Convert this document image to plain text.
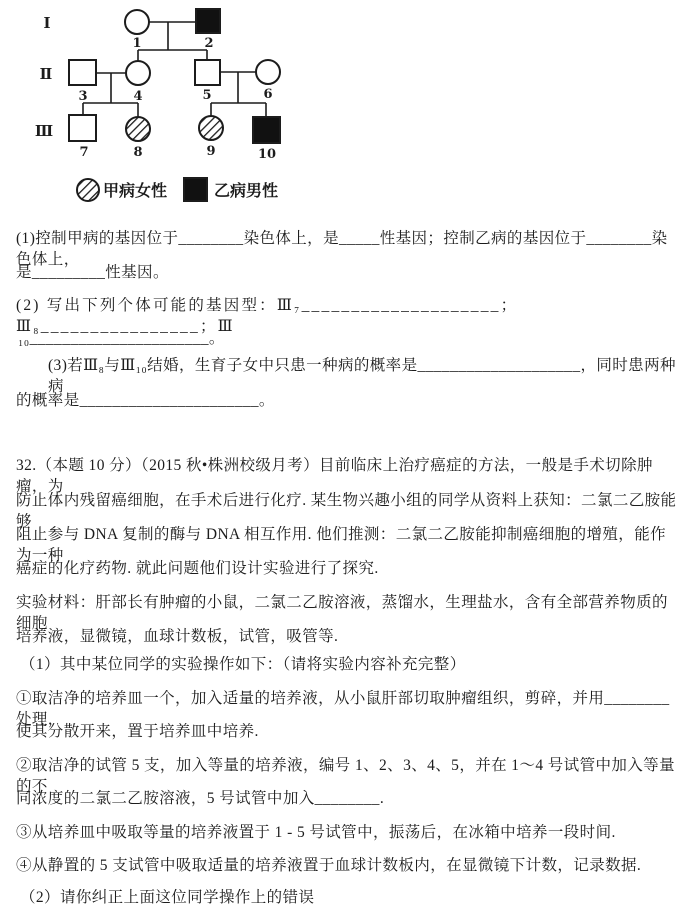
Ⅰ
Ⅱ
Ⅲ
1	2
3	4	5	6
7	8	9	10
甲病女性	乙病男性
(1)控制甲病的基因位于________染色体上，是_____性基因；控制乙病的基因位于________染色体上，
是_________性基因。
(2) 写出下列个体可能的基因型：Ⅲ₇____________________；Ⅲ₈________________；Ⅲ
₁₀______________________。
(3)若Ⅲ₈与Ⅲ₁₀结婚，生育子女中只患一种病的概率是____________________，同时患两种病
的概率是______________________。
32.（本题 10 分）（2015 秋•株洲校级月考）目前临床上治疗癌症的方法，一般是手术切除肿瘤，为
防止体内残留癌细胞，在手术后进行化疗. 某生物兴趣小组的同学从资料上获知：二氯二乙胺能够
阻止参与 DNA 复制的酶与 DNA 相互作用. 他们推测：二氯二乙胺能抑制癌细胞的增殖，能作为一种
癌症的化疗药物. 就此问题他们设计实验进行了探究.
实验材料：肝部长有肿瘤的小鼠，二氯二乙胺溶液，蒸馏水，生理盐水，含有全部营养物质的细胞
培养液，显微镜，血球计数板，试管，吸管等.
（1）其中某位同学的实验操作如下：（请将实验内容补充完整）
①取洁净的培养皿一个，加入适量的培养液，从小鼠肝部切取肿瘤组织，剪碎，并用________处理，
使其分散开来，置于培养皿中培养.
②取洁净的试管 5 支，加入等量的培养液，编号 1、2、3、4、5，并在 1～4 号试管中加入等量的不
同浓度的二氯二乙胺溶液，5 号试管中加入________.
③从培养皿中吸取等量的培养液置于 1 - 5 号试管中，振荡后，在冰箱中培养一段时间.
④从静置的 5 支试管中吸取适量的培养液置于血球计数板内，在显微镜下计数，记录数据.
（2）请你纠正上面这位同学操作上的错误
